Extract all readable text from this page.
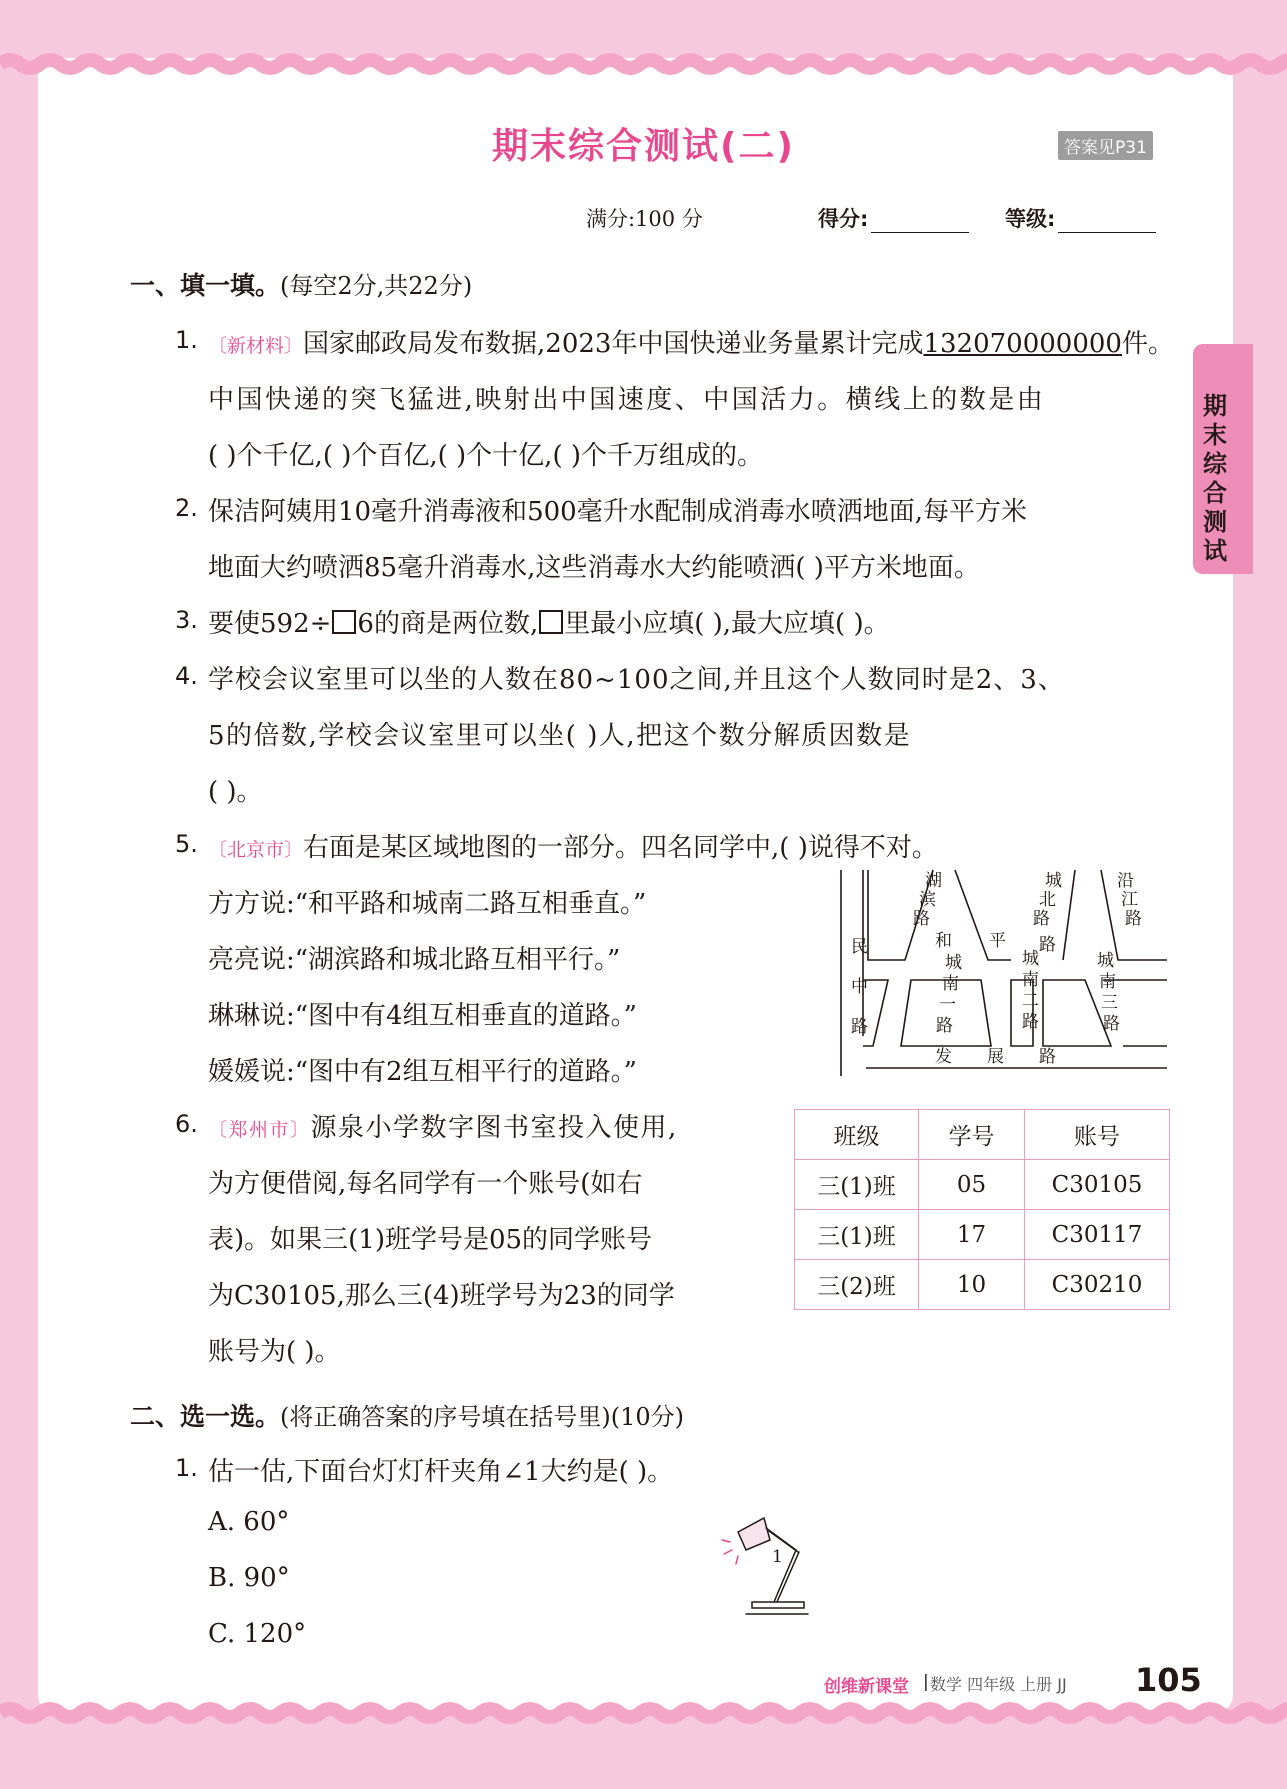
期末综合测试(二)	答案见P31
满分:100 分	得分:	等级:
期
末
综
合
测
试
一、填一填。(每空2分,共22分)
1. 〔新材料〕国家邮政局发布数据,2023年中国快递业务量累计完成132070000000件。
中国快递的突飞猛进,映射出中国速度、中国活力。横线上的数是由
( )个千亿,( )个百亿,( )个十亿,( )个千万组成的。
2. 保洁阿姨用10毫升消毒液和500毫升水配制成消毒水喷洒地面,每平方米
地面大约喷洒85毫升消毒水,这些消毒水大约能喷洒( )平方米地面。
3. 要使592÷ 6的商是两位数, 里最小应填( ),最大应填( )。
4. 学校会议室里可以坐的人数在80~100之间,并且这个人数同时是2、3、
5的倍数,学校会议室里可以坐( )人,把这个数分解质因数是
( )。
5. 〔北京市〕右面是某区域地图的一部分。四名同学中,( )说得不对。
方方说:“和平路和城南二路互相垂直。”
亮亮说:“湖滨路和城北路互相平行。”
琳琳说:“图中有4组互相垂直的道路。”
媛媛说:“图中有2组互相平行的道路。”
湖滨路
城北路
沿江路
和 平 路
民中路
城南一路
城南二路
城南三路
发 展 路
6. 〔郑州市〕源泉小学数字图书室投入使用,
为方便借阅,每名同学有一个账号(如右
表)。如果三(1)班学号是05的同学账号
为C30105,那么三(4)班学号为23的同学
账号为( )。
班级	学号	账号
三(1)班	05	C30105
三(1)班	17	C30117
三(2)班	10	C30210
二、选一选。(将正确答案的序号填在括号里)(10分)
1. 估一估,下面台灯灯杆夹角∠1大约是( )。
A. 60°
B. 90°
C. 120°
1
创维新课堂 | 数学 四年级 上册 JJ 105
